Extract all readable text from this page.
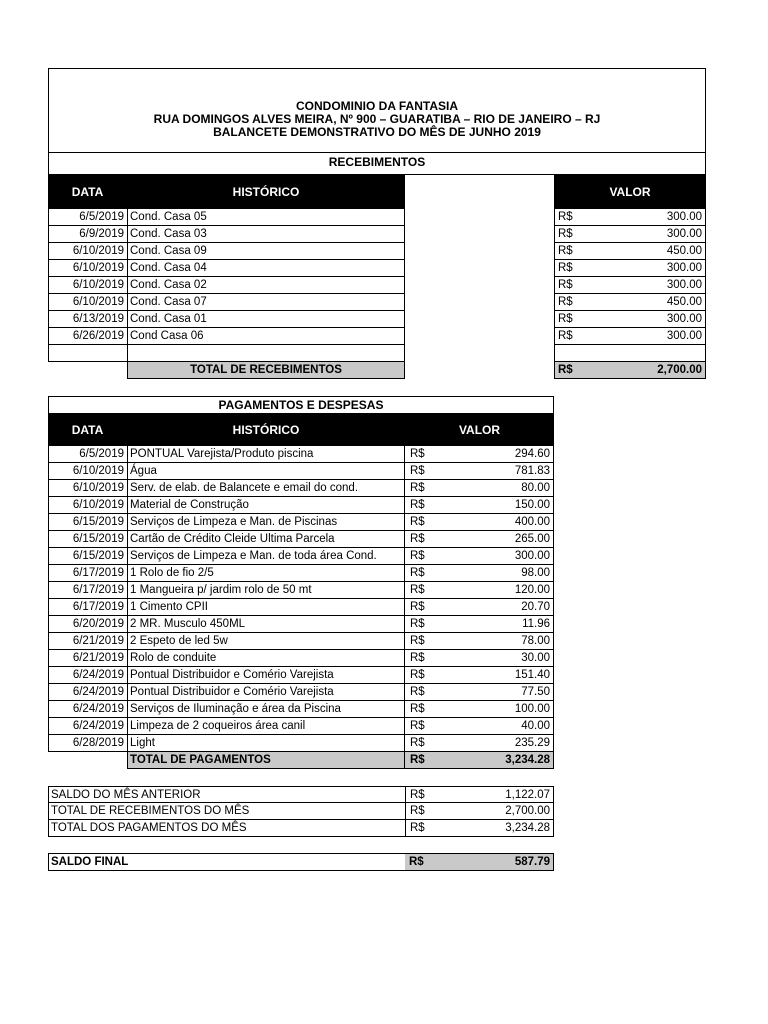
CONDOMINIO DA FANTASIA
RUA DOMINGOS ALVES MEIRA, Nº 900 – GUARATIBA – RIO DE JANEIRO – RJ
BALANCETE DEMONSTRATIVO DO MÊS DE JUNHO 2019
RECEBIMENTOS
DATA	HISTÓRICO	VALOR
6/5/2019 Cond. Casa 05	R$	300.00
6/9/2019 Cond. Casa 03	R$	300.00
6/10/2019 Cond. Casa 09	R$	450.00
6/10/2019 Cond. Casa 04	R$	300.00
6/10/2019 Cond. Casa 02	R$	300.00
6/10/2019 Cond. Casa 07	R$	450.00
6/13/2019 Cond. Casa 01	R$	300.00
6/26/2019 Cond Casa 06	R$	300.00
TOTAL DE RECEBIMENTOS	R$	2,700.00
PAGAMENTOS E DESPESAS
DATA	HISTÓRICO	VALOR
6/5/2019 PONTUAL Varejista/Produto piscina	R$	294.60
6/10/2019 Água	R$	781.83
6/10/2019 Serv. de elab. de Balancete e email do cond.	R$	80.00
6/10/2019 Material de Construção	R$	150.00
6/15/2019 Serviços de Limpeza e Man. de Piscinas	R$	400.00
6/15/2019 Cartão de Crédito Cleide Ultima Parcela	R$	265.00
6/15/2019 Serviços de Limpeza e Man. de toda área Cond.	R$	300.00
6/17/2019 1 Rolo de fio 2/5	R$	98.00
6/17/2019 1 Mangueira p/ jardim rolo de 50 mt	R$	120.00
6/17/2019 1 Cimento CPII	R$	20.70
6/20/2019 2 MR. Musculo 450ML	R$	11.96
6/21/2019 2 Espeto de led 5w	R$	78.00
6/21/2019 Rolo de conduite	R$	30.00
6/24/2019 Pontual Distribuidor e Comério Varejista	R$	151.40
6/24/2019 Pontual Distribuidor e Comério Varejista	R$	77.50
6/24/2019 Serviços de Iluminação e área da Piscina	R$	100.00
6/24/2019 Limpeza de 2 coqueiros área canil	R$	40.00
6/28/2019 Light	R$	235.29
TOTAL DE PAGAMENTOS	R$	3,234.28
SALDO DO MÊS ANTERIOR	R$	1,122.07
TOTAL DE RECEBIMENTOS DO MÊS	R$	2,700.00
TOTAL DOS PAGAMENTOS DO MÊS	R$	3,234.28
SALDO FINAL	R$	587.79
